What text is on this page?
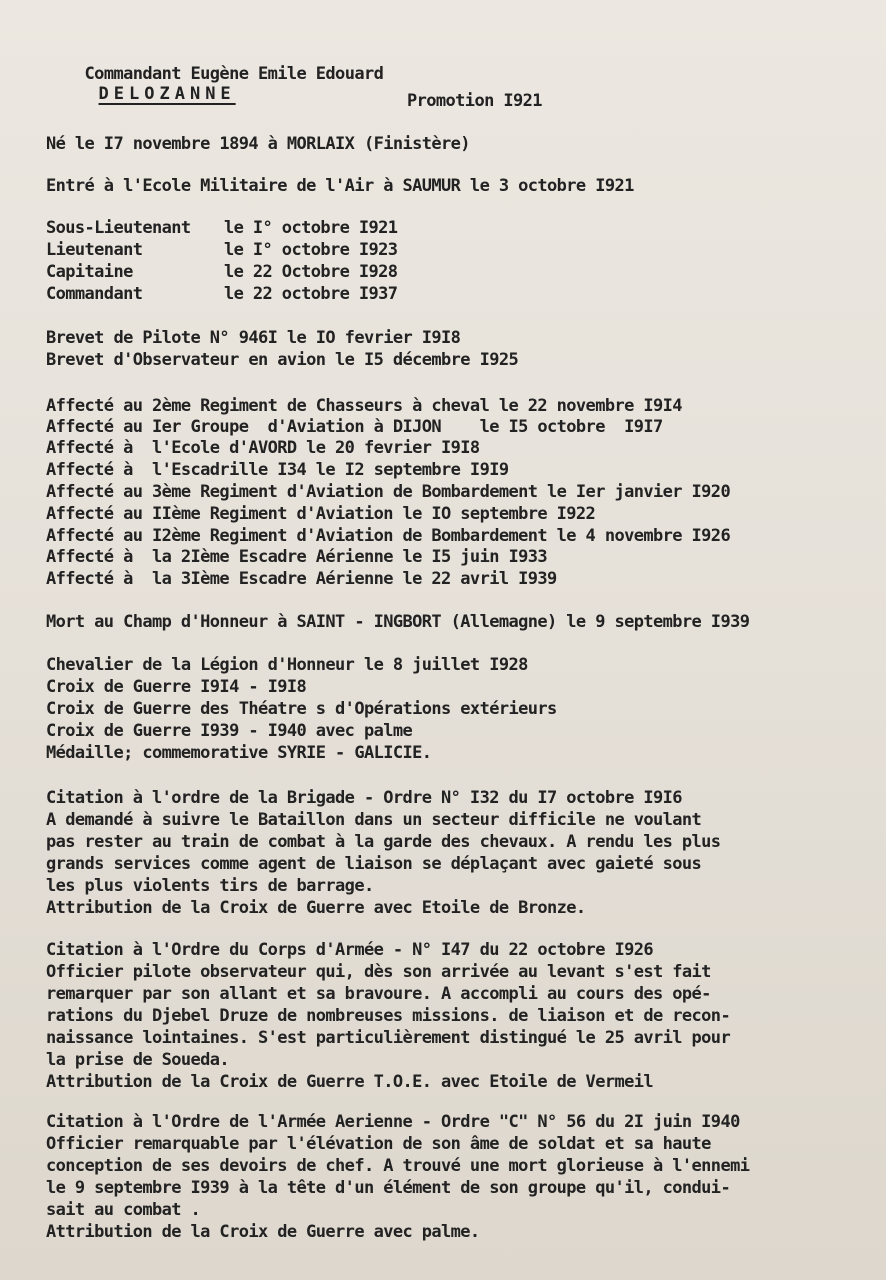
Commandant Eugène Emile Edouard
DELOZANNE
	Promotion I921
Né le I7 novembre 1894 à MORLAIX (Finistère)
Entré à l'Ecole Militaire de l'Air à SAUMUR le 3 octobre I921
Sous-Lieutenant le I° octobre I921
Lieutenant	le I° octobre I923
Capitaine	le 22 Octobre I928
Commandant	le 22 octobre I937
Brevet de Pilote N° 946I le IO fevrier I9I8
Brevet d'Observateur en avion le I5 décembre I925
Affecté au 2ème Regiment de Chasseurs à cheval le 22 novembre I9I4
Affecté au Ier Groupe  d'Aviation à DIJON    le I5 octobre  I9I7
Affecté à  l'Ecole d'AVORD le 20 fevrier I9I8
Affecté à  l'Escadrille I34 le I2 septembre I9I9
Affecté au 3ème Regiment d'Aviation de Bombardement le Ier janvier I920
Affecté au IIème Regiment d'Aviation le IO septembre I922
Affecté au I2ème Regiment d'Aviation de Bombardement le 4 novembre I926
Affecté à  la 2Ième Escadre Aérienne le I5 juin I933
Affecté à  la 3Ième Escadre Aérienne le 22 avril I939
Mort au Champ d'Honneur à SAINT - INGBORT (Allemagne) le 9 septembre I939
Chevalier de la Légion d'Honneur le 8 juillet I928
Croix de Guerre I9I4 - I9I8
Croix de Guerre des Théatre s d'Opérations extérieurs
Croix de Guerre I939 - I940 avec palme
Médaille; commemorative SYRIE - GALICIE.
Citation à l'ordre de la Brigade - Ordre N° I32 du I7 octobre I9I6
A demandé à suivre le Bataillon dans un secteur difficile ne voulant
pas rester au train de combat à la garde des chevaux. A rendu les plus
grands services comme agent de liaison se déplaçant avec gaieté sous
les plus violents tirs de barrage.
Attribution de la Croix de Guerre avec Etoile de Bronze.
Citation à l'Ordre du Corps d'Armée - N° I47 du 22 octobre I926
Officier pilote observateur qui, dès son arrivée au levant s'est fait
remarquer par son allant et sa bravoure. A accompli au cours des opé-
rations du Djebel Druze de nombreuses missions. de liaison et de recon-
naissance lointaines. S'est particulièrement distingué le 25 avril pour
la prise de Soueda.
Attribution de la Croix de Guerre T.O.E. avec Etoile de Vermeil
Citation à l'Ordre de l'Armée Aerienne - Ordre "C" N° 56 du 2I juin I940
Officier remarquable par l'élévation de son âme de soldat et sa haute
conception de ses devoirs de chef. A trouvé une mort glorieuse à l'ennemi
le 9 septembre I939 à la tête d'un élément de son groupe qu'il, condui-
sait au combat .
Attribution de la Croix de Guerre avec palme.
